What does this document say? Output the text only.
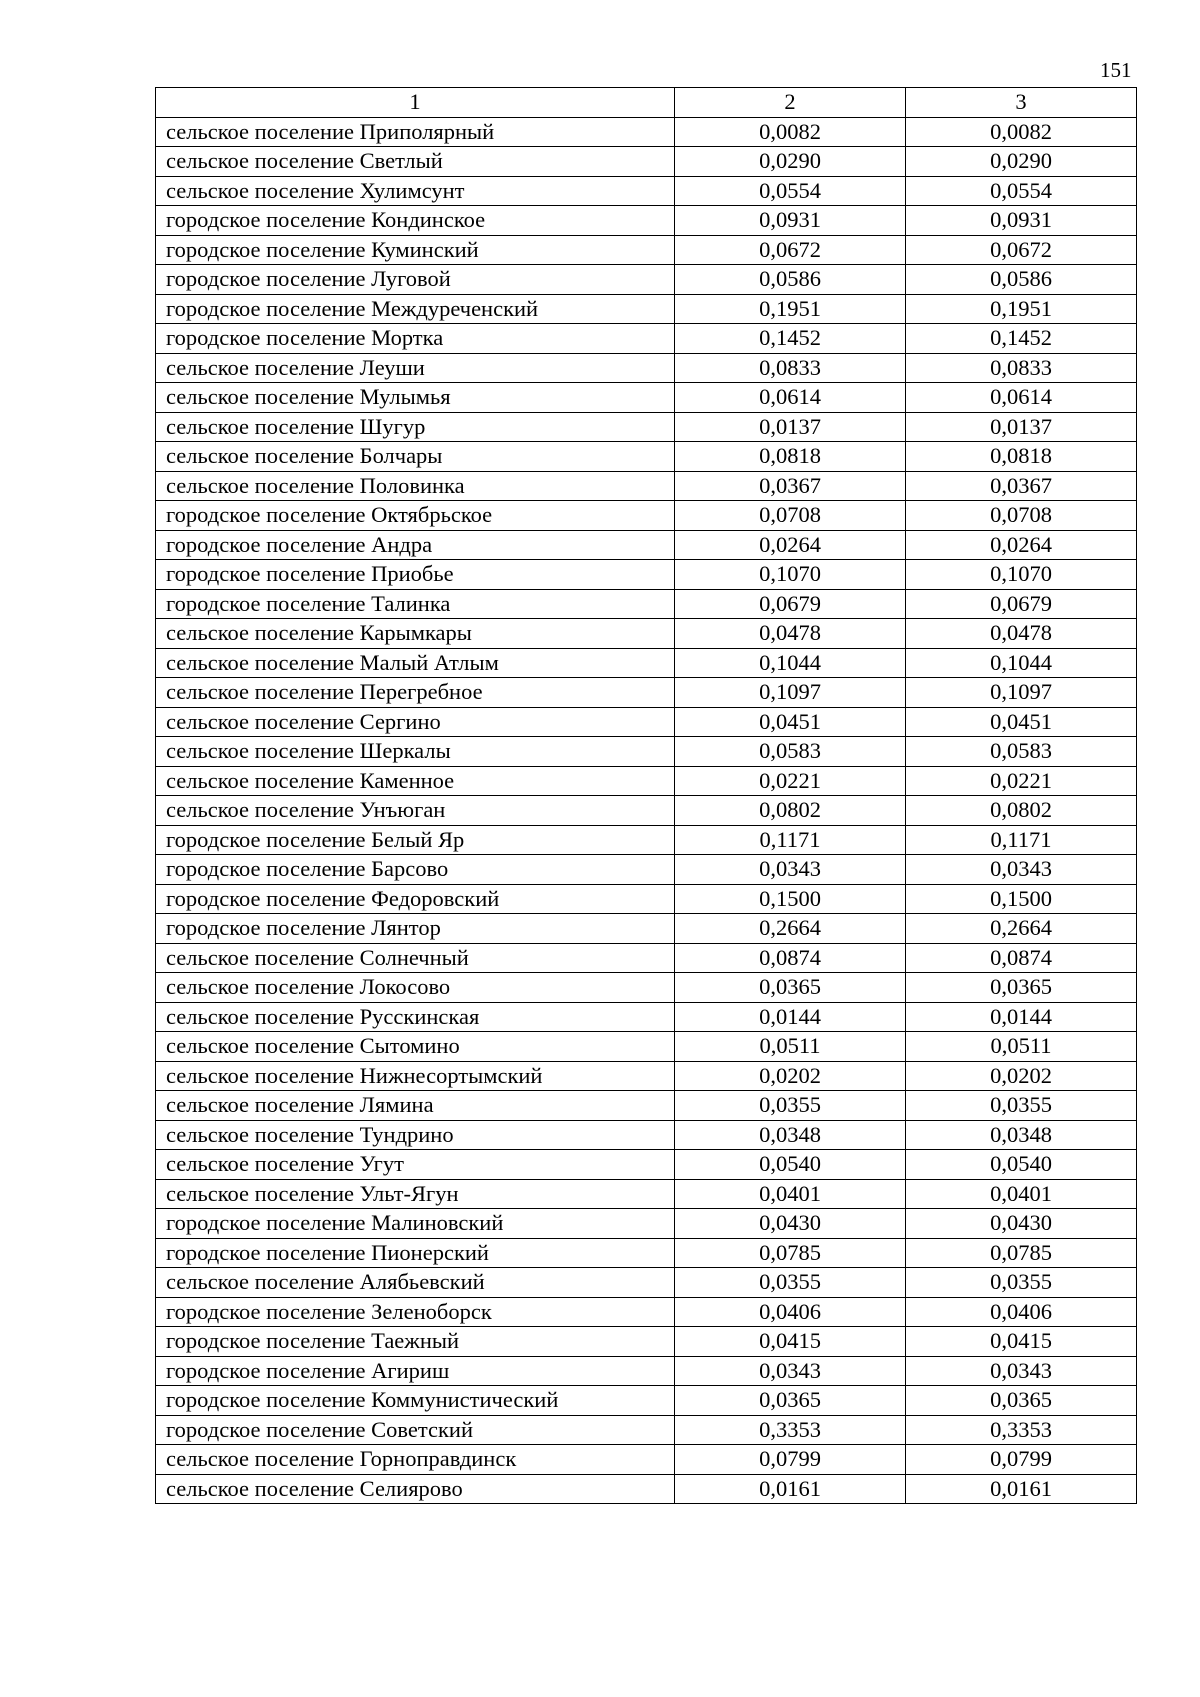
151
1	2	3
сельское поселение Приполярный	0,0082	0,0082
сельское поселение Светлый	0,0290	0,0290
сельское поселение Хулимсунт	0,0554	0,0554
городское поселение Кондинское	0,0931	0,0931
городское поселение Куминский	0,0672	0,0672
городское поселение Луговой	0,0586	0,0586
городское поселение Междуреченский	0,1951	0,1951
городское поселение Мортка	0,1452	0,1452
сельское поселение Леуши	0,0833	0,0833
сельское поселение Мулымья	0,0614	0,0614
сельское поселение Шугур	0,0137	0,0137
сельское поселение Болчары	0,0818	0,0818
сельское поселение Половинка	0,0367	0,0367
городское поселение Октябрьское	0,0708	0,0708
городское поселение Андра	0,0264	0,0264
городское поселение Приобье	0,1070	0,1070
городское поселение Талинка	0,0679	0,0679
сельское поселение Карымкары	0,0478	0,0478
сельское поселение Малый Атлым	0,1044	0,1044
сельское поселение Перегребное	0,1097	0,1097
сельское поселение Сергино	0,0451	0,0451
сельское поселение Шеркалы	0,0583	0,0583
сельское поселение Каменное	0,0221	0,0221
сельское поселение Унъюган	0,0802	0,0802
городское поселение Белый Яр	0,1171	0,1171
городское поселение Барсово	0,0343	0,0343
городское поселение Федоровский	0,1500	0,1500
городское поселение Лянтор	0,2664	0,2664
сельское поселение Солнечный	0,0874	0,0874
сельское поселение Локосово	0,0365	0,0365
сельское поселение Русскинская	0,0144	0,0144
сельское поселение Сытомино	0,0511	0,0511
сельское поселение Нижнесортымский	0,0202	0,0202
сельское поселение Лямина	0,0355	0,0355
сельское поселение Тундрино	0,0348	0,0348
сельское поселение Угут	0,0540	0,0540
сельское поселение Ульт-Ягун	0,0401	0,0401
городское поселение Малиновский	0,0430	0,0430
городское поселение Пионерский	0,0785	0,0785
сельское поселение Алябьевский	0,0355	0,0355
городское поселение Зеленоборск	0,0406	0,0406
городское поселение Таежный	0,0415	0,0415
городское поселение Агириш	0,0343	0,0343
городское поселение Коммунистический	0,0365	0,0365
городское поселение Советский	0,3353	0,3353
сельское поселение Горноправдинск	0,0799	0,0799
сельское поселение Селиярово	0,0161	0,0161
